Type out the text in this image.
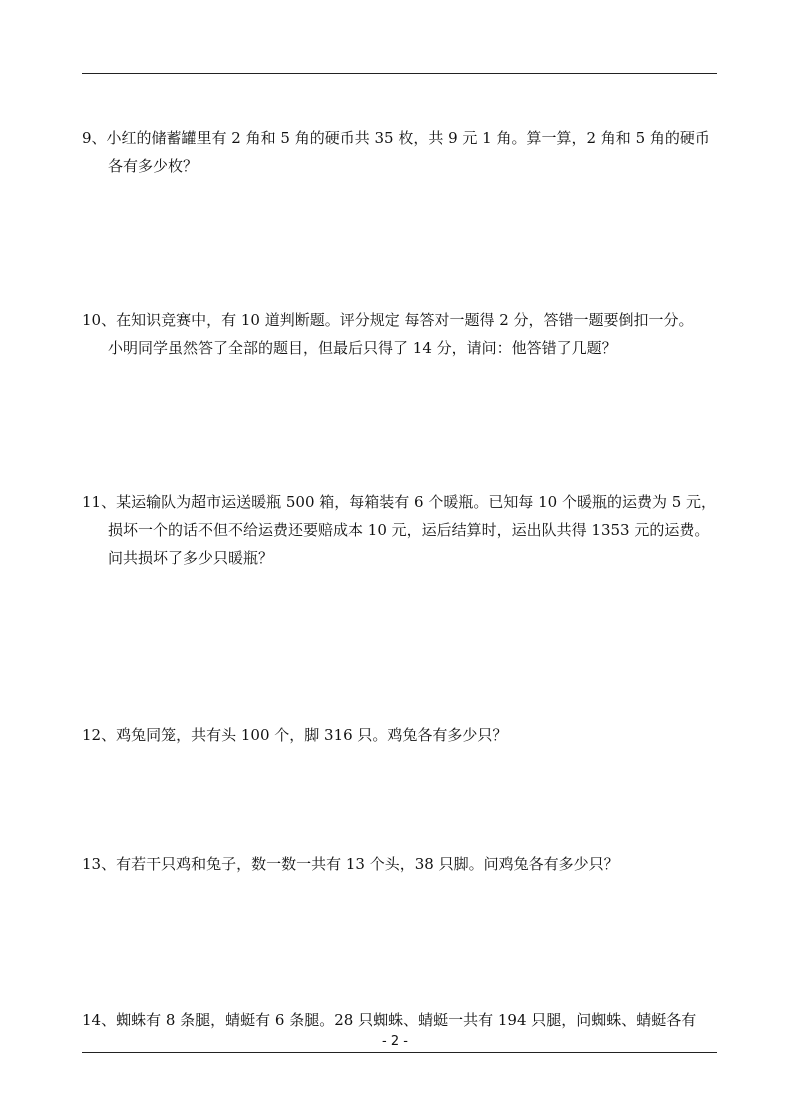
9、小红的储蓄罐里有 2 角和 5 角的硬币共 35 枚，共 9 元 1 角。算一算，2 角和 5 角的硬币
各有多少枚？
10、在知识竞赛中，有 10 道判断题。评分规定 每答对一题得 2 分，答错一题要倒扣一分。
小明同学虽然答了全部的题目，但最后只得了 14 分，请问：他答错了几题？
11、某运输队为超市运送暖瓶 500 箱，每箱装有 6 个暖瓶。已知每 10 个暖瓶的运费为 5 元，
损坏一个的话不但不给运费还要赔成本 10 元，运后结算时，运出队共得 1353 元的运费。
问共损坏了多少只暖瓶？
12、鸡兔同笼，共有头 100 个，脚 316 只。鸡兔各有多少只？
13、有若干只鸡和兔子，数一数一共有 13 个头，38 只脚。问鸡兔各有多少只？
14、蜘蛛有 8 条腿，蜻蜓有 6 条腿。28 只蜘蛛、蜻蜓一共有 194 只腿，问蜘蛛、蜻蜓各有
- 2 -
